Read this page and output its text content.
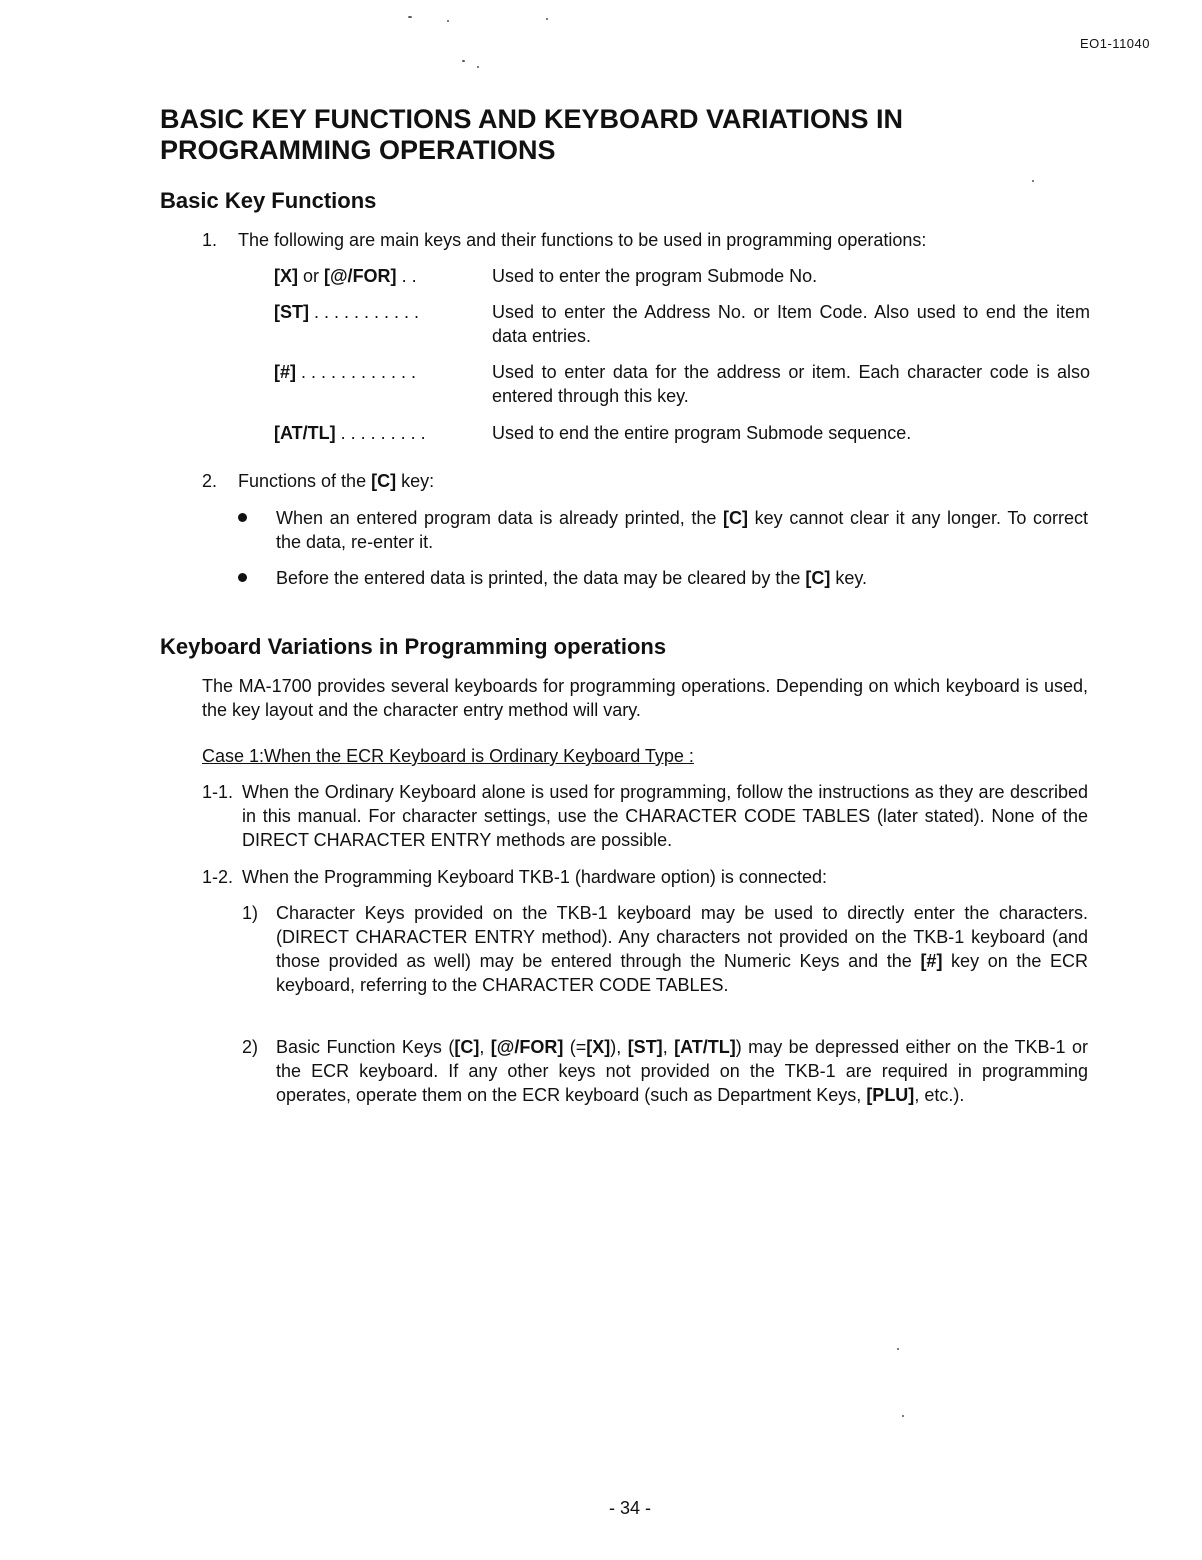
EO1-11040
BASIC KEY FUNCTIONS AND KEYBOARD VARIATIONS IN PROGRAMMING OPERATIONS
Basic Key Functions
1. The following are main keys and their functions to be used in programming operations:
[X] or [@/FOR] . .	Used to enter the program Submode No.
[ST] . . . . . . . . . . .	Used to enter the Address No. or Item Code. Also used to end the item data entries.
[#] . . . . . . . . . . . .	Used to enter data for the address or item. Each character code is also entered through this key.
[AT/TL] . . . . . . . . .	Used to end the entire program Submode sequence.
2. Functions of the [C] key:
When an entered program data is already printed, the [C] key cannot clear it any longer. To correct the data, re-enter it.
Before the entered data is printed, the data may be cleared by the [C] key.
Keyboard Variations in Programming operations
The MA-1700 provides several keyboards for programming operations. Depending on which keyboard is used, the key layout and the character entry method will vary.
Case 1:When the ECR Keyboard is Ordinary Keyboard Type :
1-1. When the Ordinary Keyboard alone is used for programming, follow the instructions as they are described in this manual. For character settings, use the CHARACTER CODE TABLES (later stated). None of the DIRECT CHARACTER ENTRY methods are possible.
1-2. When the Programming Keyboard TKB-1 (hardware option) is connected:
1) Character Keys provided on the TKB-1 keyboard may be used to directly enter the characters. (DIRECT CHARACTER ENTRY method). Any characters not provided on the TKB-1 keyboard (and those provided as well) may be entered through the Numeric Keys and the [#] key on the ECR keyboard, referring to the CHARACTER CODE TABLES.
2) Basic Function Keys ([C], [@/FOR] (=[X]), [ST], [AT/TL]) may be depressed either on the TKB-1 or the ECR keyboard. If any other keys not provided on the TKB-1 are required in programming operates, operate them on the ECR keyboard (such as Department Keys, [PLU], etc.).
- 34 -
